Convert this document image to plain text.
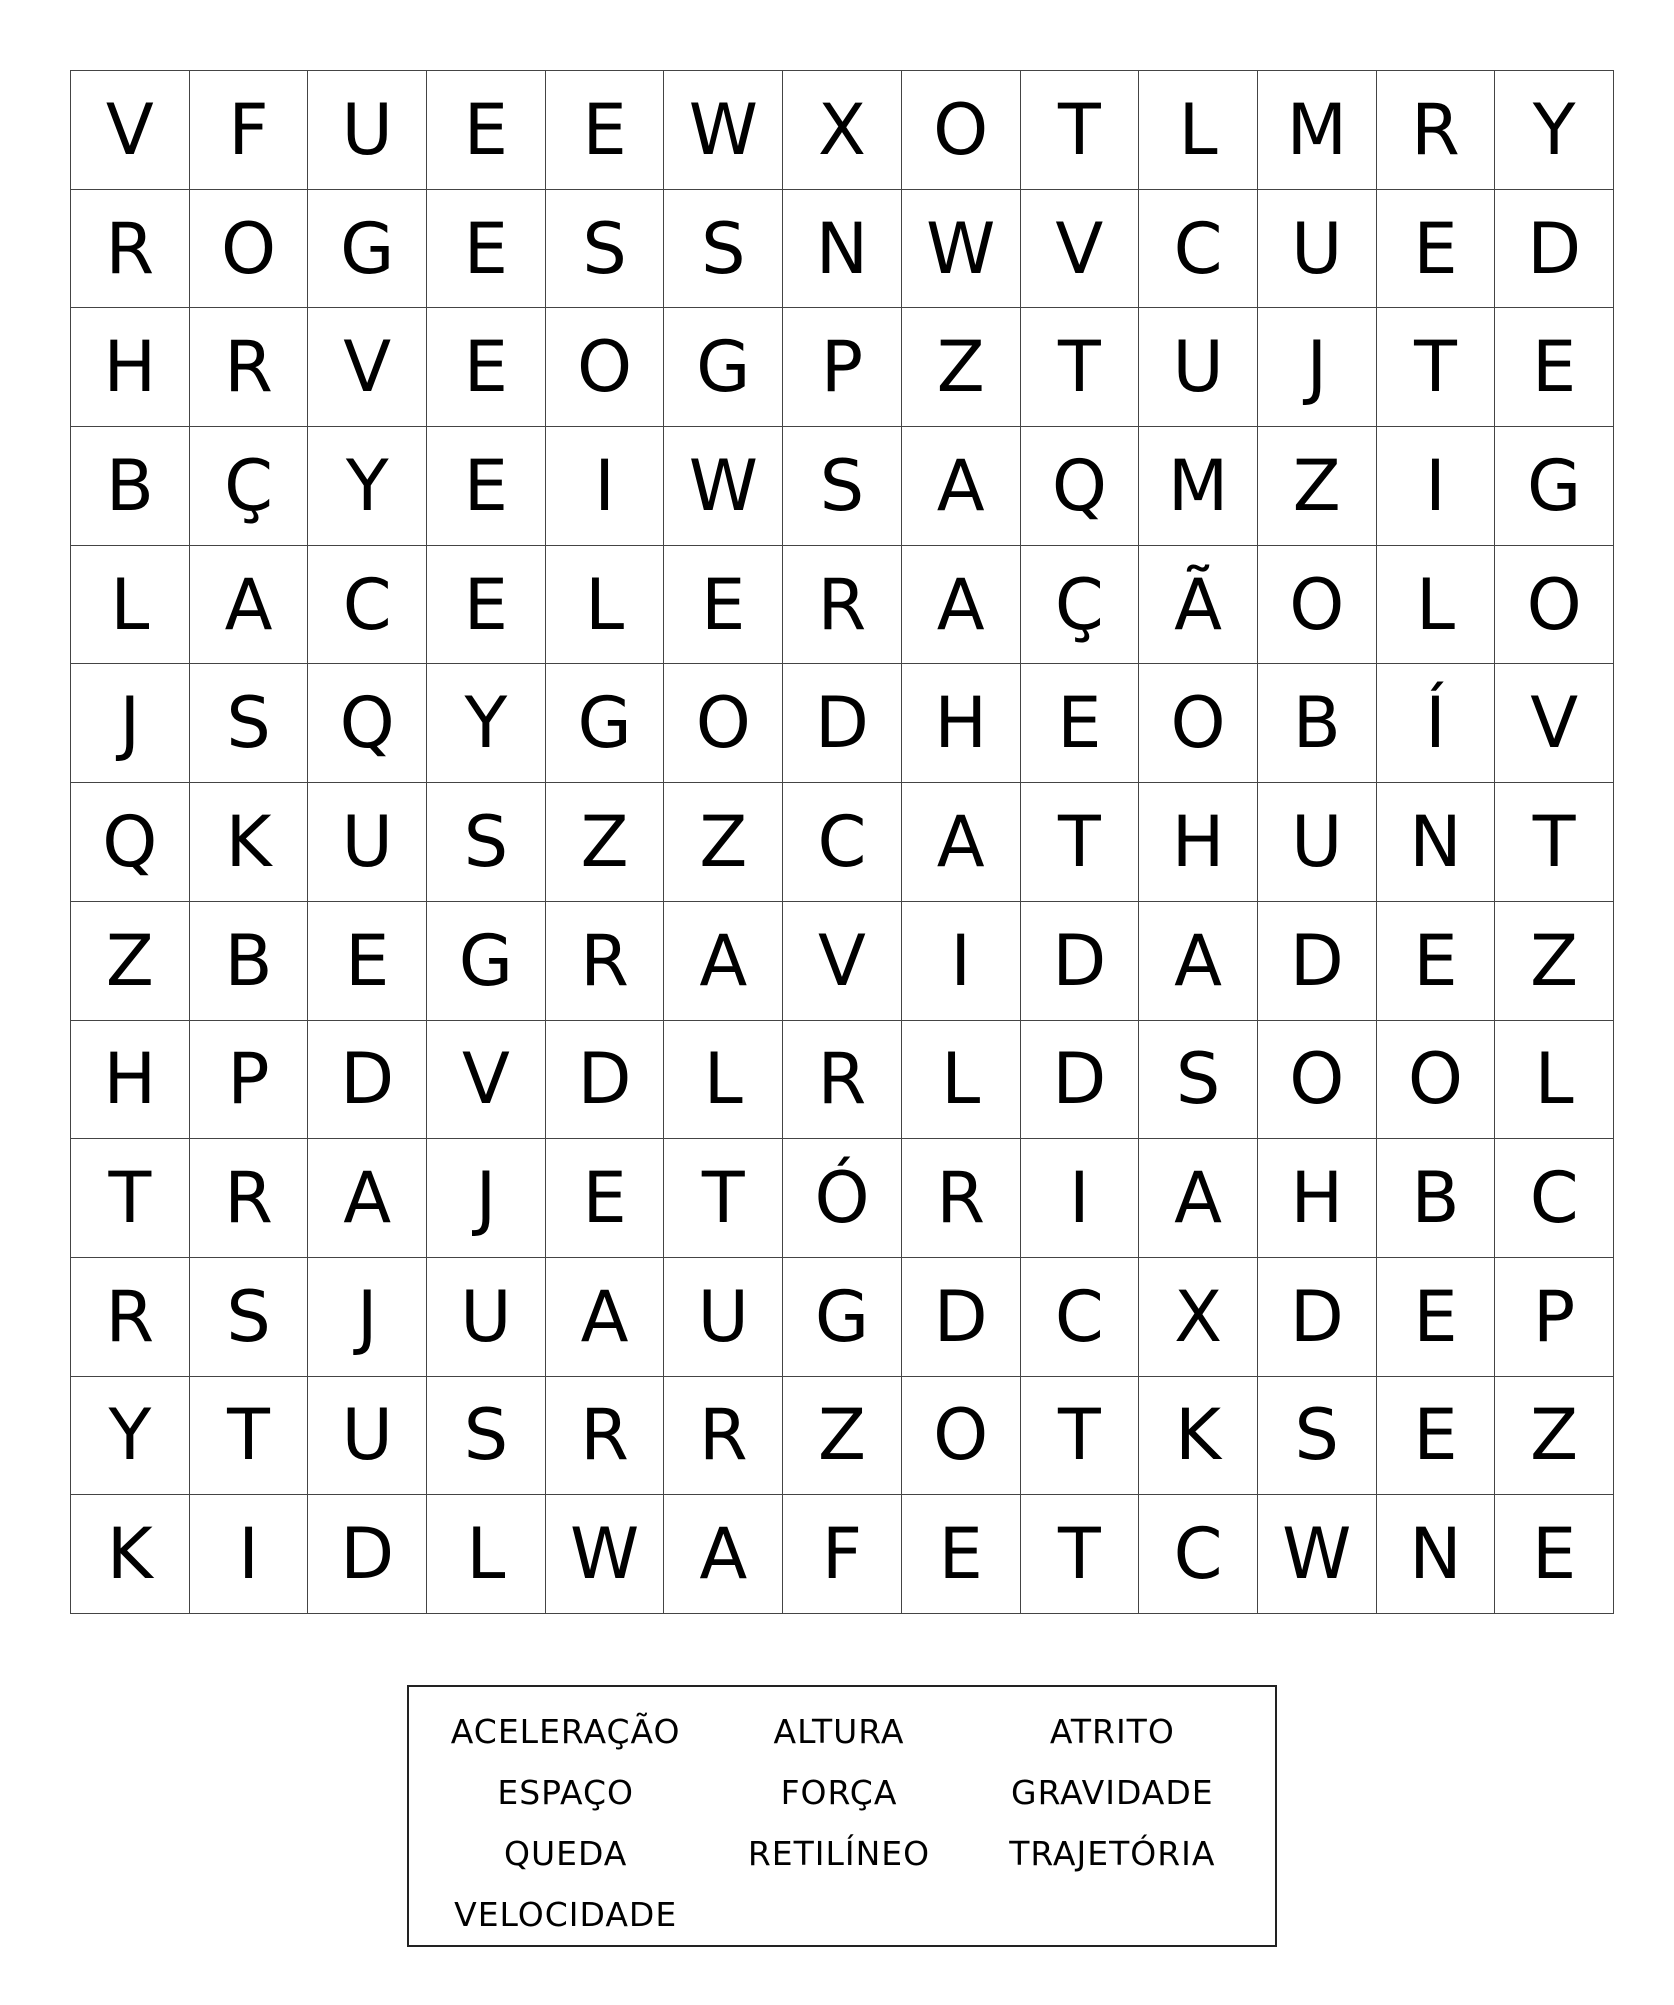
V	F	U	E	E W X O T	L M R	Y
R O G E	S	S	N W V	C U	E D
H R	V	E O G	P	Z	T	U	J	T	E
B	Ç	Y	E	I	W S	A Q M Z	I	G
L	A	C	E	L	E	R	A	Ç	Ã O	L	O
J	S Q Y	G O D H	E O B	Í	V
Q K	U	S	Z	Z	C	A	T	H U N	T
Z	B	E G R	A	V	I	D A D E	Z
H	P	D V D	L	R	L	D S O O	L
T	R	A	J	E	T Ó R	I	A H B	C
R	S	J	U A U G D C	X D E	P
Y	T	U	S	R	R	Z O T	K	S	E	Z
K	I	D	L W A	F	E	T	C W N	E
ACELERAÇÃO	ALTURA	ATRITO
ESPAÇO	FORÇA	GRAVIDADE
QUEDA	RETILÍNEO	TRAJETÓRIA
VELOCIDADE
